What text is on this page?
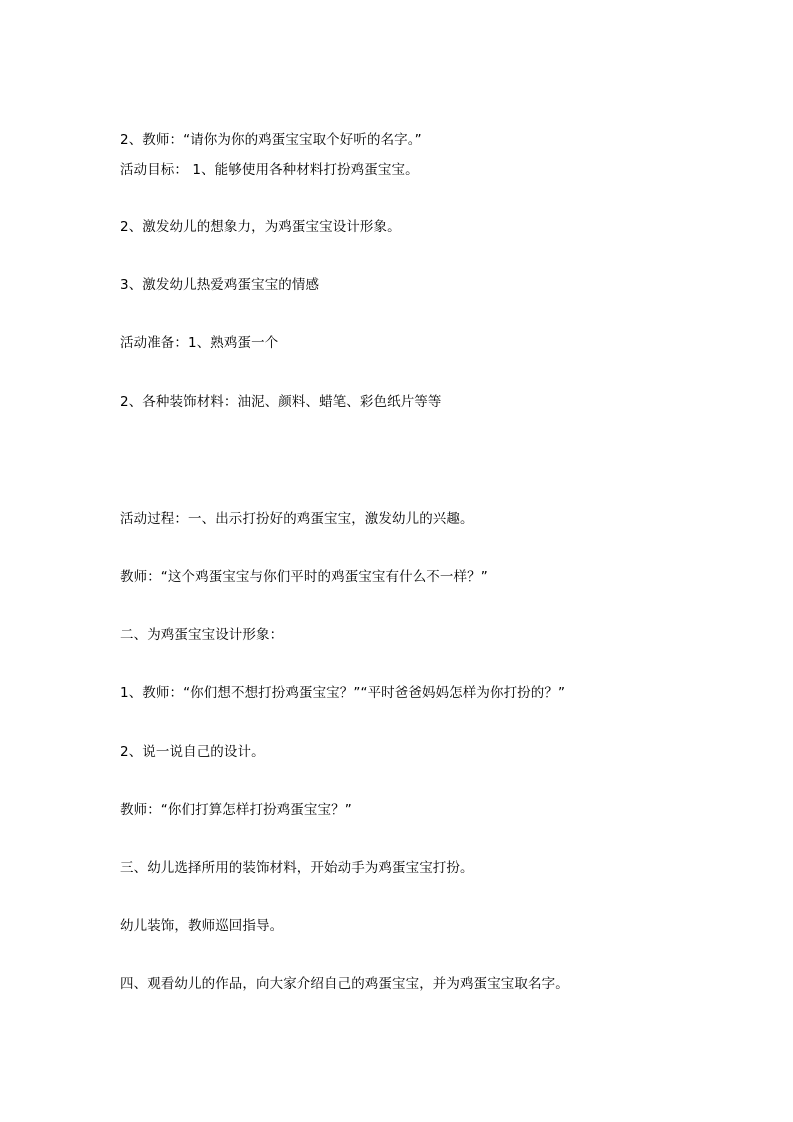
2、教师：“请你为你的鸡蛋宝宝取个好听的名字。”
活动目标： 1、能够使用各种材料打扮鸡蛋宝宝。
2、激发幼儿的想象力，为鸡蛋宝宝设计形象。
3、激发幼儿热爱鸡蛋宝宝的情感
活动准备：1、熟鸡蛋一个
2、各种装饰材料：油泥、颜料、蜡笔、彩色纸片等等
活动过程：一、出示打扮好的鸡蛋宝宝，激发幼儿的兴趣。
教师：“这个鸡蛋宝宝与你们平时的鸡蛋宝宝有什么不一样？”
二、为鸡蛋宝宝设计形象：
1、教师：“你们想不想打扮鸡蛋宝宝？”“平时爸爸妈妈怎样为你打扮的？”
2、说一说自己的设计。
教师：“你们打算怎样打扮鸡蛋宝宝？”
三、幼儿选择所用的装饰材料，开始动手为鸡蛋宝宝打扮。
幼儿装饰，教师巡回指导。
四、观看幼儿的作品，向大家介绍自己的鸡蛋宝宝，并为鸡蛋宝宝取名字。
